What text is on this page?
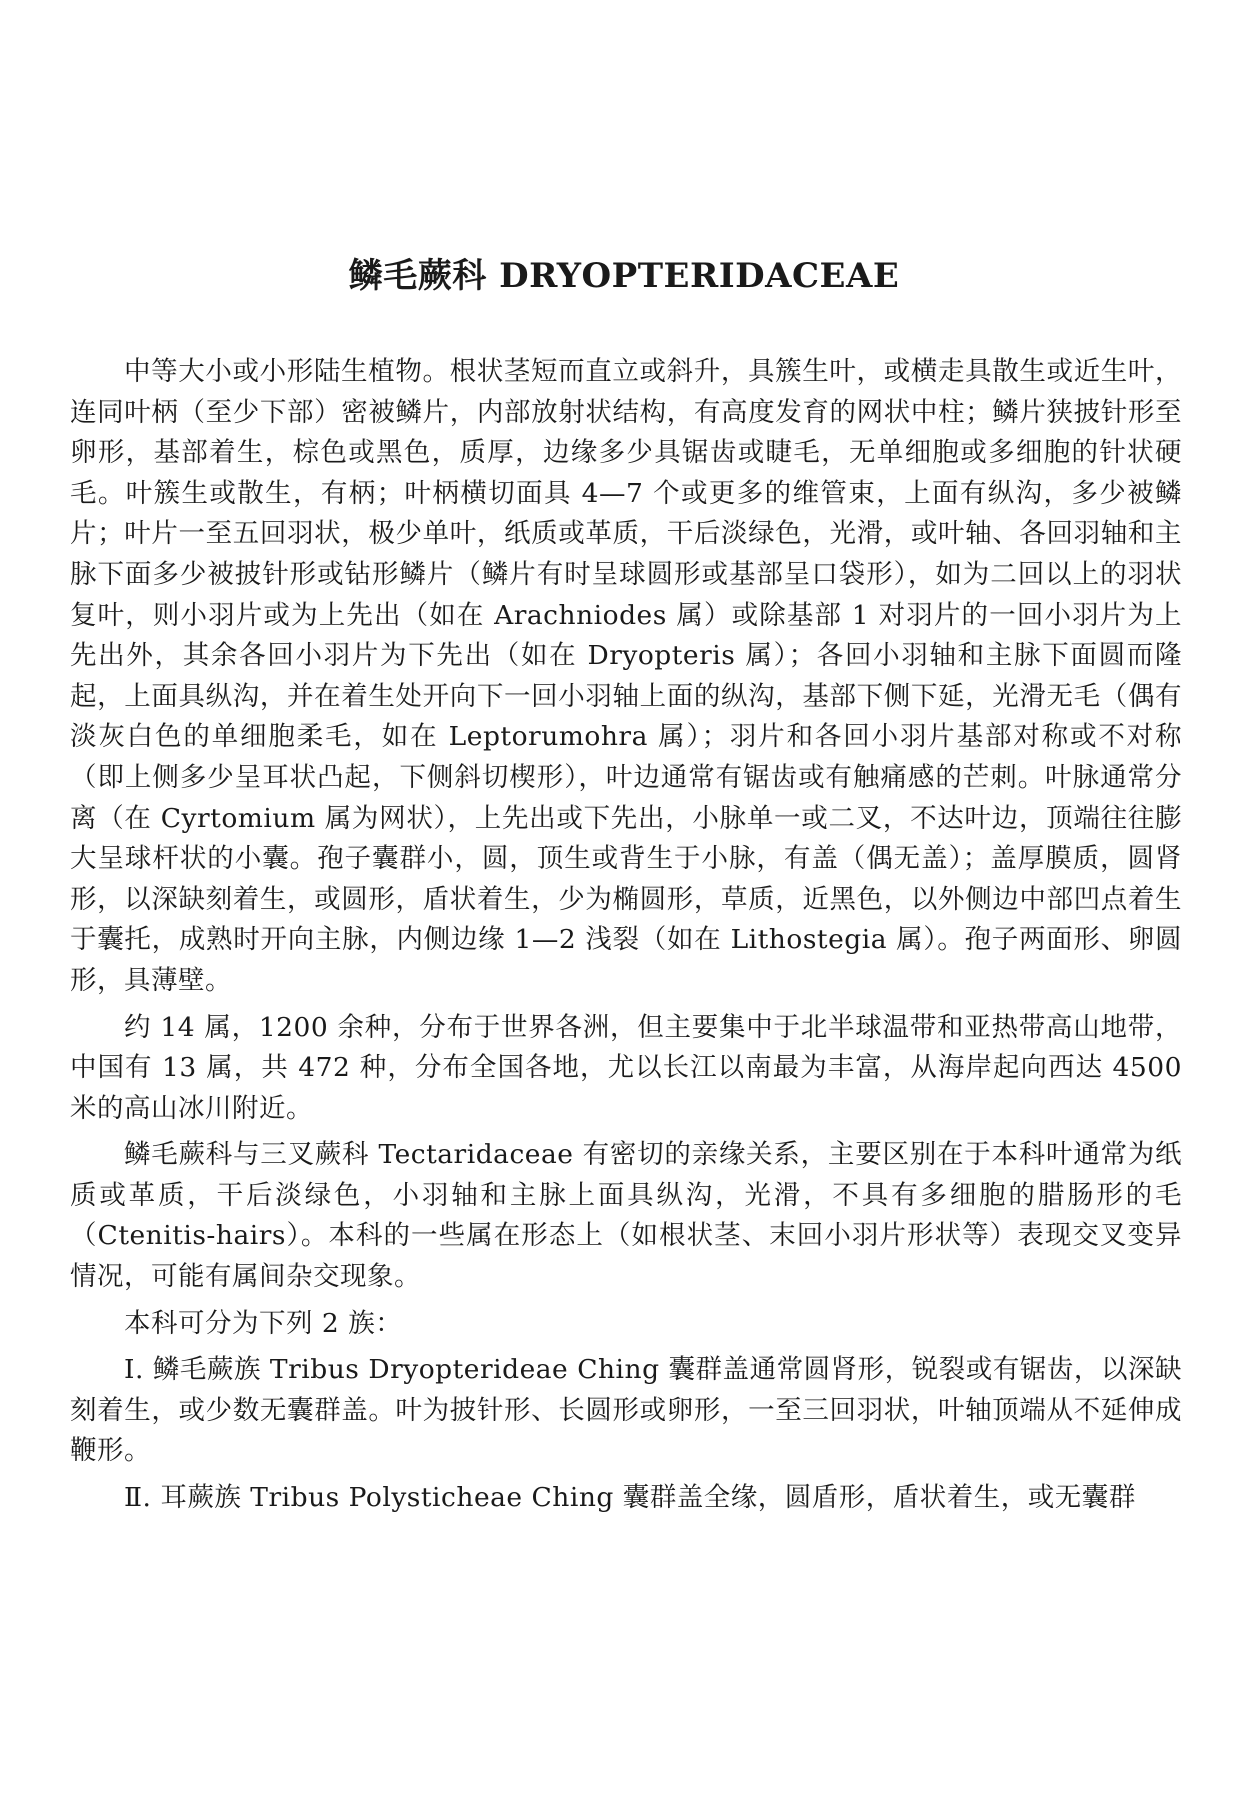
鳞毛蕨科 DRYOPTERIDACEAE

中等大小或小形陆生植物。根状茎短而直立或斜升，具簇生叶，或横走具散生或近生叶，连同叶柄（至少下部）密被鳞片，内部放射状结构，有高度发育的网状中柱；鳞片狭披针形至卵形，基部着生，棕色或黑色，质厚，边缘多少具锯齿或睫毛，无单细胞或多细胞的针状硬毛。叶簇生或散生，有柄；叶柄横切面具 4—7 个或更多的维管束，上面有纵沟，多少被鳞片；叶片一至五回羽状，极少单叶，纸质或革质，干后淡绿色，光滑，或叶轴、各回羽轴和主脉下面多少被披针形或钻形鳞片（鳞片有时呈球圆形或基部呈口袋形），如为二回以上的羽状复叶，则小羽片或为上先出（如在 Arachniodes 属）或除基部 1 对羽片的一回小羽片为上先出外，其余各回小羽片为下先出（如在 Dryopteris 属）；各回小羽轴和主脉下面圆而隆起，上面具纵沟，并在着生处开向下一回小羽轴上面的纵沟，基部下侧下延，光滑无毛（偶有淡灰白色的单细胞柔毛，如在 Leptorumohra 属）；羽片和各回小羽片基部对称或不对称（即上侧多少呈耳状凸起，下侧斜切楔形），叶边通常有锯齿或有触痛感的芒刺。叶脉通常分离（在 Cyrtomium 属为网状），上先出或下先出，小脉单一或二叉，不达叶边，顶端往往膨大呈球杆状的小囊。孢子囊群小，圆，顶生或背生于小脉，有盖（偶无盖）；盖厚膜质，圆肾形，以深缺刻着生，或圆形，盾状着生，少为椭圆形，草质，近黑色，以外侧边中部凹点着生于囊托，成熟时开向主脉，内侧边缘 1—2 浅裂（如在 Lithostegia 属）。孢子两面形、卵圆形，具薄壁。

约 14 属，1200 余种，分布于世界各洲，但主要集中于北半球温带和亚热带高山地带，中国有 13 属，共 472 种，分布全国各地，尤以长江以南最为丰富，从海岸起向西达 4500 米的高山冰川附近。

鳞毛蕨科与三叉蕨科 Tectaridaceae 有密切的亲缘关系，主要区别在于本科叶通常为纸质或革质，干后淡绿色，小羽轴和主脉上面具纵沟，光滑，不具有多细胞的腊肠形的毛（Ctenitis-hairs）。本科的一些属在形态上（如根状茎、末回小羽片形状等）表现交叉变异情况，可能有属间杂交现象。

本科可分为下列 2 族：

Ⅰ. 鳞毛蕨族 Tribus Dryopterideae Ching 囊群盖通常圆肾形，锐裂或有锯齿，以深缺刻着生，或少数无囊群盖。叶为披针形、长圆形或卵形，一至三回羽状，叶轴顶端从不延伸成鞭形。

Ⅱ. 耳蕨族 Tribus Polysticheae Ching 囊群盖全缘，圆盾形，盾状着生，或无囊群
